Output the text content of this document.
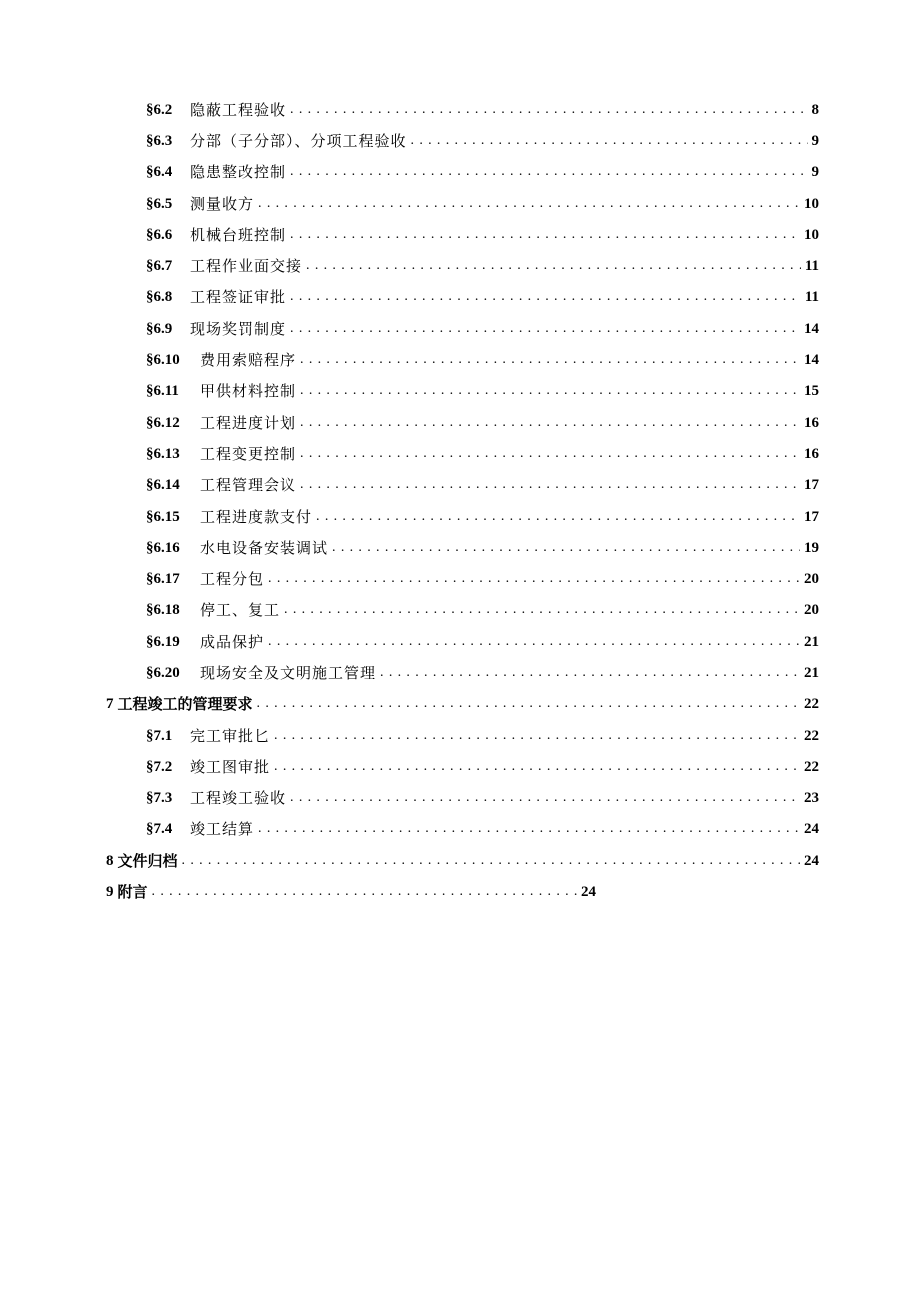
§6.2	隐蔽工程验收 . . .	8
§6.3	分部（子分部）、分项工程验收 . . .	9
§6.4	隐患整改控制 . . .	9
§6.5	测量收方 . . .	10
§6.6	机械台班控制 . . .	10
§6.7	工程作业面交接 . . .	11
§6.8	工程签证审批 . . .	11
§6.9	现场奖罚制度 . . .	14
§6.10	费用索赔程序 . . .	14
§6.11	甲供材料控制 . . .	15
§6.12	工程进度计划 . . .	16
§6.13	工程变更控制 . . .	16
§6.14	工程管理会议 . . .	17
§6.15	工程进度款支付 . . .	17
§6.16	水电设备安装调试 . . .	19
§6.17	工程分包 . . .	20
§6.18	停工、复工 . . .	20
§6.19	成品保护 . . .	21
§6.20	现场安全及文明施工管理 . . .	21
7 工程竣工的管理要求 . . .	22
§7.1	完工审批匕 . . .	22
§7.2	竣工图审批 . . .	22
§7.3	工程竣工验收 . . .	23
§7.4	竣工结算 . . .	24
8 文件归档 . . .	24
9 附言 . . .	24
